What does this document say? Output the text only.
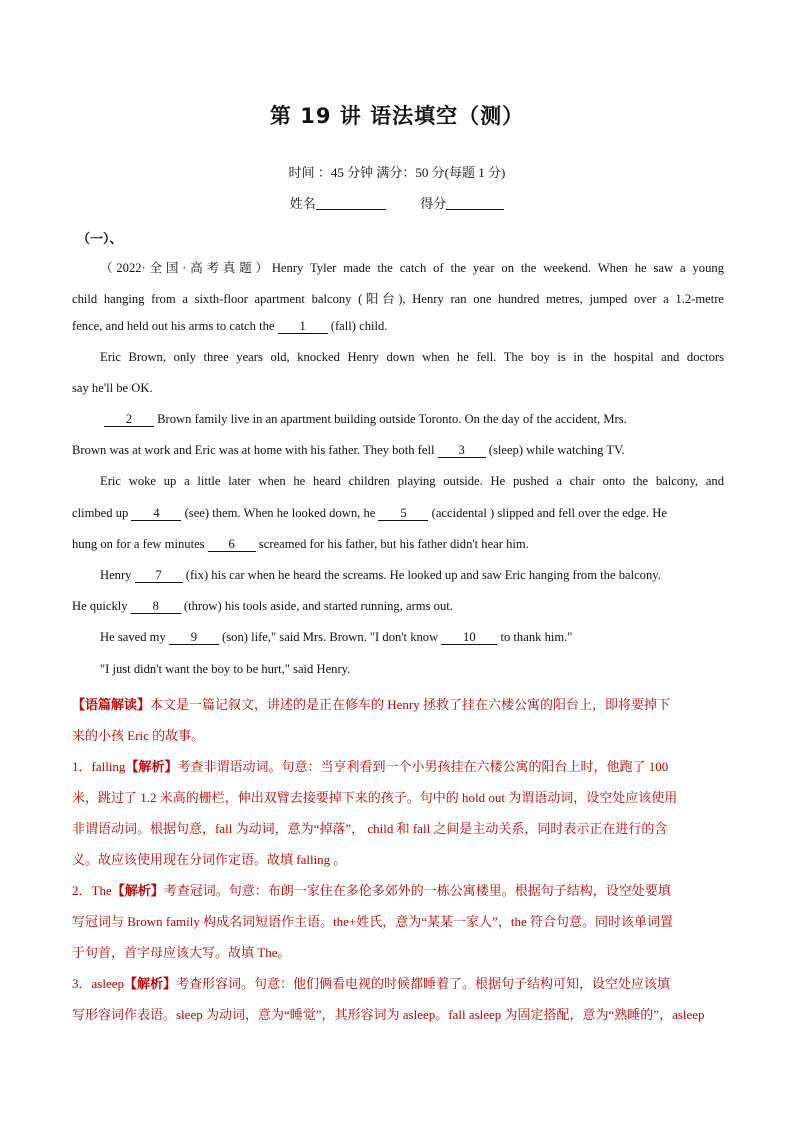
第 19 讲 语法填空（测）
时间 ：45 分钟 满分：50 分(每题 1 分)
姓名	得分
（一）、
（2022·全国·高考真题）Henry Tyler made the catch of the year on the weekend. When he saw a young
child hanging from a sixth-floor apartment balcony (阳台), Henry ran one hundred metres, jumped over a 1.2-metre
fence, and held out his arms to catch the 1 (fall) child.
Eric Brown, only three years old, knocked Henry down when he fell. The boy is in the hospital and doctors
say he'll be OK.
2 Brown family live in an apartment building outside Toronto. On the day of the accident, Mrs.
Brown was at work and Eric was at home with his father. They both fell 3 (sleep) while watching TV.
Eric woke up a little later when he heard children playing outside. He pushed a chair onto the balcony, and
climbed up 4 (see) them. When he looked down, he 5 (accidental ) slipped and fell over the edge. He
hung on for a few minutes 6 screamed for his father, but his father didn't hear him.
Henry 7 (fix) his car when he heard the screams. He looked up and saw Eric hanging from the balcony.
He quickly 8 (throw) his tools aside, and started running, arms out.
He saved my 9 (son) life," said Mrs. Brown. "I don't know 10 to thank him."
"I just didn't want the boy to be hurt," said Henry.
【语篇解读】本文是一篇记叙文，讲述的是正在修车的 Henry 拯救了挂在六楼公寓的阳台上，即将要掉下
来的小孩 Eric 的故事。
1．falling【解析】考查非谓语动词。句意：当亨利看到一个小男孩挂在六楼公寓的阳台上时，他跑了 100
米，跳过了 1.2 米高的栅栏，伸出双臂去接要掉下来的孩子。句中的 hold out 为谓语动词，设空处应该使用
非谓语动词。根据句意，fall 为动词，意为“掉落”， child 和 fall 之间是主动关系，同时表示正在进行的含
义。故应该使用现在分词作定语。故填 falling 。
2．The【解析】考查冠词。句意：布朗一家住在多伦多郊外的一栋公寓楼里。根据句子结构，设空处要填
写冠词与 Brown family 构成名词短语作主语。the+姓氏，意为“某某一家人”，the 符合句意。同时该单词置
于句首，首字母应该大写。故填 The。
3．asleep【解析】考查形容词。句意：他们俩看电视的时候都睡着了。根据句子结构可知，设空处应该填
写形容词作表语。sleep 为动词，意为“睡觉”，其形容词为 asleep。fall asleep 为固定搭配，意为“熟睡的”，asleep
